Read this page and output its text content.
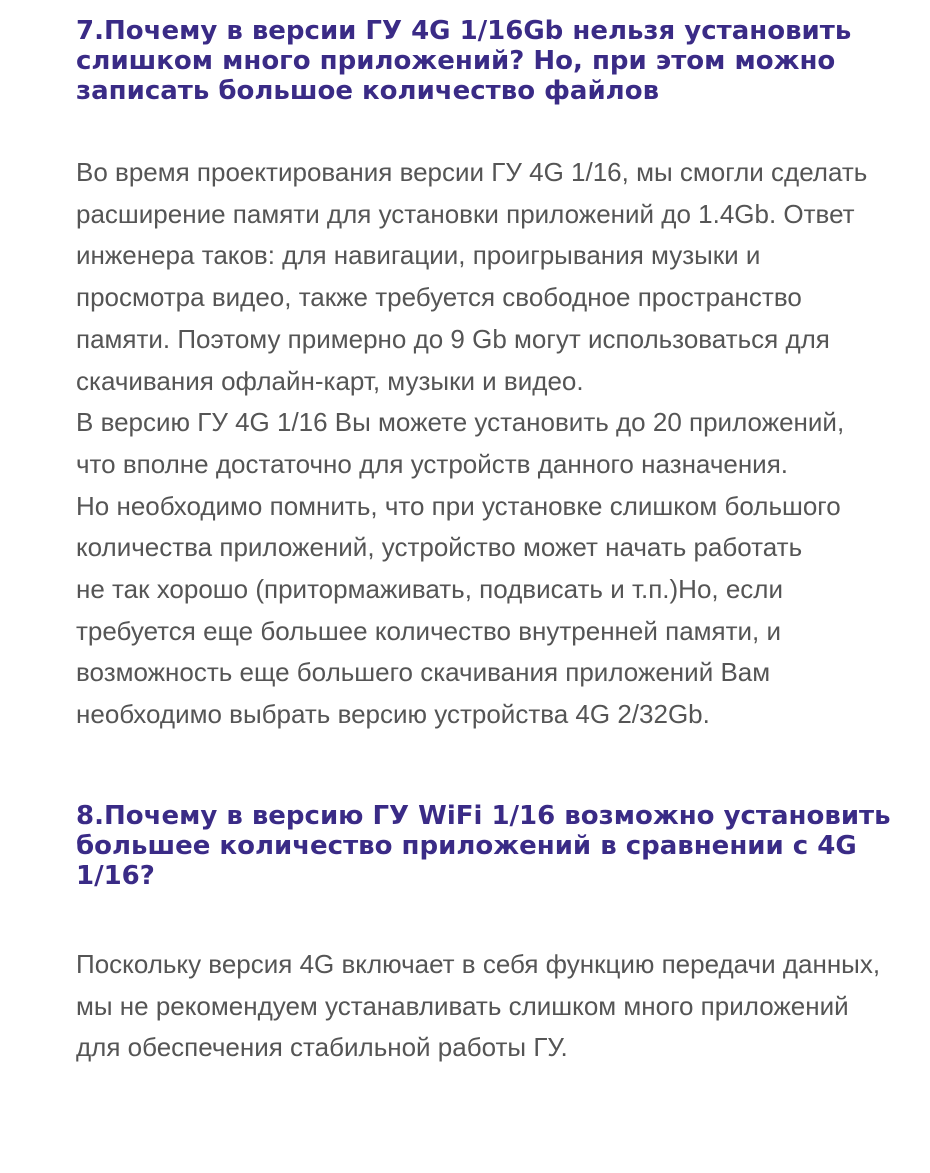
7.Почему в версии ГУ 4G 1/16Gb нельзя установить
слишком много приложений? Но, при этом можно
записать большое количество файлов

Во время проектирования версии ГУ 4G 1/16, мы смогли сделать
расширение памяти для установки приложений до 1.4Gb. Ответ
инженера таков: для навигации, проигрывания музыки и
просмотра видео, также требуется свободное пространство
памяти. Поэтому примерно до 9 Gb могут использоваться для
скачивания офлайн-карт, музыки и видео.
В версию ГУ 4G 1/16 Вы можете установить до 20 приложений,
что вполне достаточно для устройств данного назначения.
Но необходимо помнить, что при установке слишком большого
количества приложений, устройство может начать работать
не так хорошо (притормаживать, подвисать и т.п.)Но, если
требуется еще большее количество внутренней памяти, и
возможность еще большего скачивания приложений Вам
необходимо выбрать версию устройства 4G 2/32Gb.

8.Почему в версию ГУ WiFi 1/16 возможно установить
большее количество приложений в сравнении с 4G
1/16?

Поскольку версия 4G включает в себя функцию передачи данных,
мы не рекомендуем устанавливать слишком много приложений
для обеспечения стабильной работы ГУ.
